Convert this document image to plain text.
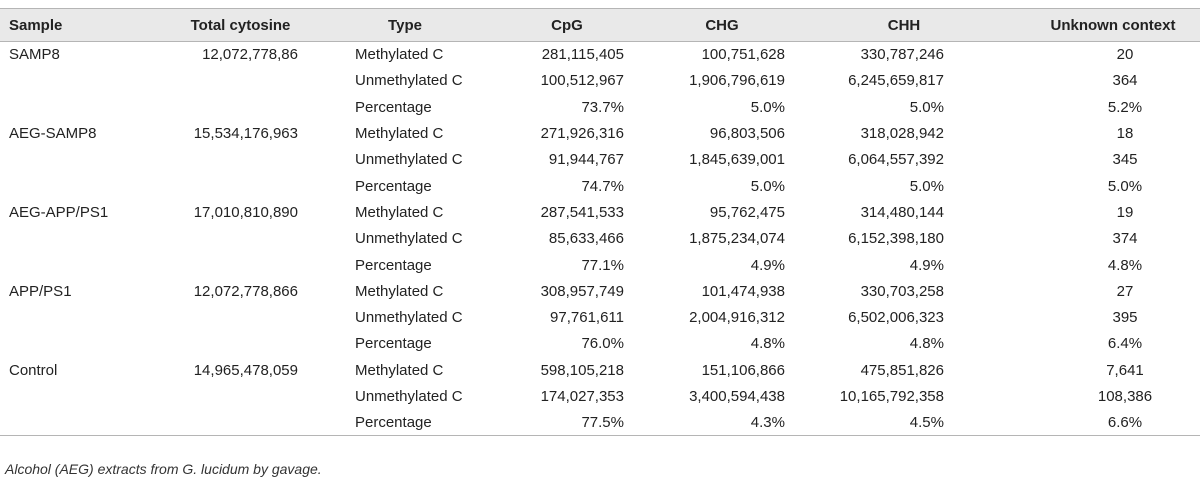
Sample	Total cytosine	Type	CpG	CHG	CHH	Unknown context
SAMP8	12,072,778,86	Methylated C	281,115,405	100,751,628	330,787,246	20
		Unmethylated C	100,512,967	1,906,796,619	6,245,659,817	364
		Percentage	73.7%	5.0%	5.0%	5.2%
AEG-SAMP8	15,534,176,963	Methylated C	271,926,316	96,803,506	318,028,942	18
		Unmethylated C	91,944,767	1,845,639,001	6,064,557,392	345
		Percentage	74.7%	5.0%	5.0%	5.0%
AEG-APP/PS1	17,010,810,890	Methylated C	287,541,533	95,762,475	314,480,144	19
		Unmethylated C	85,633,466	1,875,234,074	6,152,398,180	374
		Percentage	77.1%	4.9%	4.9%	4.8%
APP/PS1	12,072,778,866	Methylated C	308,957,749	101,474,938	330,703,258	27
		Unmethylated C	97,761,611	2,004,916,312	6,502,006,323	395
		Percentage	76.0%	4.8%	4.8%	6.4%
Control	14,965,478,059	Methylated C	598,105,218	151,106,866	475,851,826	7,641
		Unmethylated C	174,027,353	3,400,594,438	10,165,792,358	108,386
		Percentage	77.5%	4.3%	4.5%	6.6%
Alcohol (AEG) extracts from G. lucidum by gavage.
